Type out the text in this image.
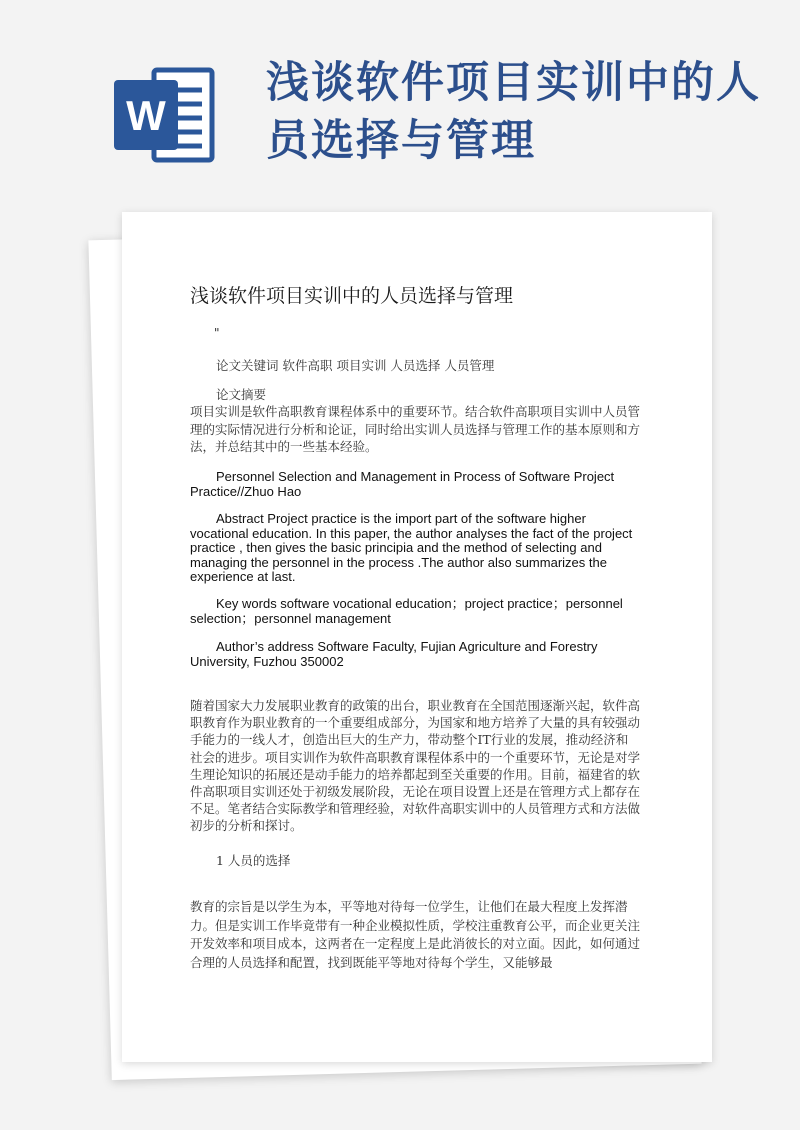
W
浅谈软件项目实训中的人员选择与管理
浅谈软件项目实训中的人员选择与管理
"
论文关键词 软件高职 项目实训 人员选择 人员管理
论文摘要

项目实训是软件高职教育课程体系中的重要环节。结合软件高职项目实训中人员管理的实际情况进行分析和论证，同时给出实训人员选择与管理工作的基本原则和方法，并总结其中的一些基本经验。

Personnel Selection and Management in Process of Software Project Practice//Zhuo Hao

Abstract Project practice is the import part of the software higher vocational education. In this paper, the author analyses the fact of the project practice , then gives the basic principia and the method of selecting and managing the personnel in the process .The author also summarizes the experience at last.

Key words software vocational education；project practice；personnel selection；personnel management

Author’s address Software Faculty, Fujian Agriculture and Forestry University, Fuzhou 350002

随着国家大力发展职业教育的政策的出台，职业教育在全国范围逐渐兴起，软件高职教育作为职业教育的一个重要组成部分，为国家和地方培养了大量的具有较强动手能力的一线人才，创造出巨大的生产力，带动整个IT行业的发展，推动经济和社会的进步。项目实训作为软件高职教育课程体系中的一个重要环节，无论是对学生理论知识的拓展还是动手能力的培养都起到至关重要的作用。目前，福建省的软件高职项目实训还处于初级发展阶段，无论在项目设置上还是在管理方式上都存在不足。笔者结合实际教学和管理经验，对软件高职实训中的人员管理方式和方法做初步的分析和探讨。

1 人员的选择

教育的宗旨是以学生为本，平等地对待每一位学生，让他们在最大程度上发挥潜力。但是实训工作毕竟带有一种企业模拟性质，学校注重教育公平，而企业更关注开发效率和项目成本，这两者在一定程度上是此消彼长的对立面。因此，如何通过合理的人员选择和配置，找到既能平等地对待每个学生，又能够最
